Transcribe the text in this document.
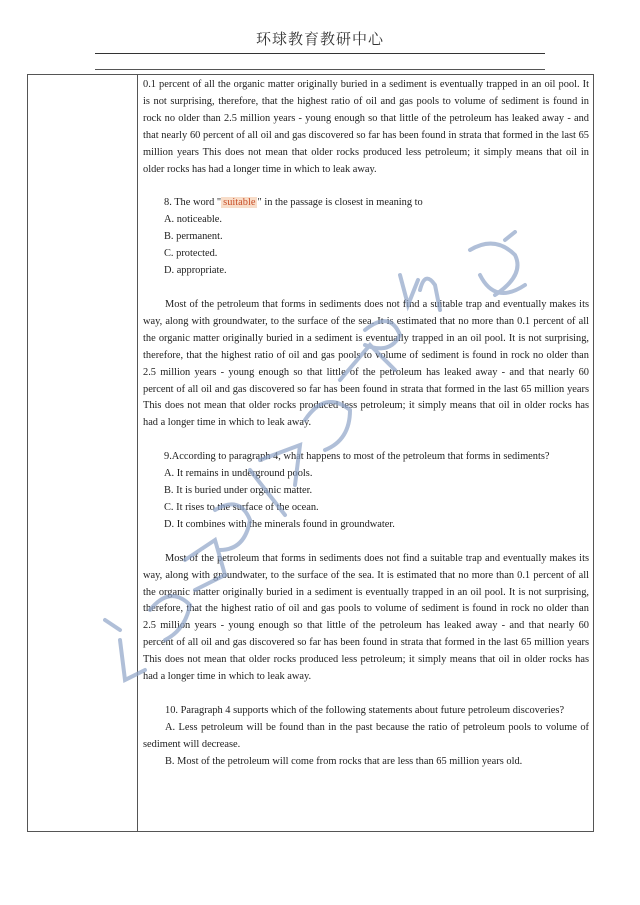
环球教育教研中心

0.1 percent of all the organic matter originally buried in a sediment is eventually trapped in an oil pool. It is not surprising, therefore, that the highest ratio of oil and gas pools to volume of sediment is found in rock no older than 2.5 million years - young enough so that little of the petroleum has leaked away - and that nearly 60 percent of all oil and gas discovered so far has been found in strata that formed in the last 65 million years This does not mean that older rocks produced less petroleum; it simply means that oil in older rocks has had a longer time in which to leak away.

8. The word " suitable " in the passage is closest in meaning to

A. noticeable.

B. permanent.

C. protected.

D. appropriate.

Most of the petroleum that forms in sediments does not find a suitable trap and eventually makes its way, along with groundwater, to the surface of the sea. It is estimated that no more than 0.1 percent of all the organic matter originally buried in a sediment is eventually trapped in an oil pool. It is not surprising, therefore, that the highest ratio of oil and gas pools to volume of sediment is found in rock no older than 2.5 million years - young enough so that little of the petroleum has leaked away - and that nearly 60 percent of all oil and gas discovered so far has been found in strata that formed in the last 65 million years This does not mean that older rocks produced less petroleum; it simply means that oil in older rocks has had a longer time in which to leak away.

9.According to paragraph 4, what happens to most of the petroleum that forms in sediments?

A. It remains in underground pools.

B. It is buried under organic matter.

C. It rises to the surface of the ocean.

D. It combines with the minerals found in groundwater.

Most of the petroleum that forms in sediments does not find a suitable trap and eventually makes its way, along with groundwater, to the surface of the sea. It is estimated that no more than 0.1 percent of all the organic matter originally buried in a sediment is eventually trapped in an oil pool. It is not surprising, therefore, that the highest ratio of oil and gas pools to volume of sediment is found in rock no older than 2.5 million years - young enough so that little of the petroleum has leaked away - and that nearly 60 percent of all oil and gas discovered so far has been found in strata that formed in the last 65 million years This does not mean that older rocks produced less petroleum; it simply means that oil in older rocks has had a longer time in which to leak away.

10. Paragraph 4 supports which of the following statements about future petroleum discoveries?

A. Less petroleum will be found than in the past because the ratio of petroleum pools to volume of sediment will decrease.

B. Most of the petroleum will come from rocks that are less than 65 million years old.
